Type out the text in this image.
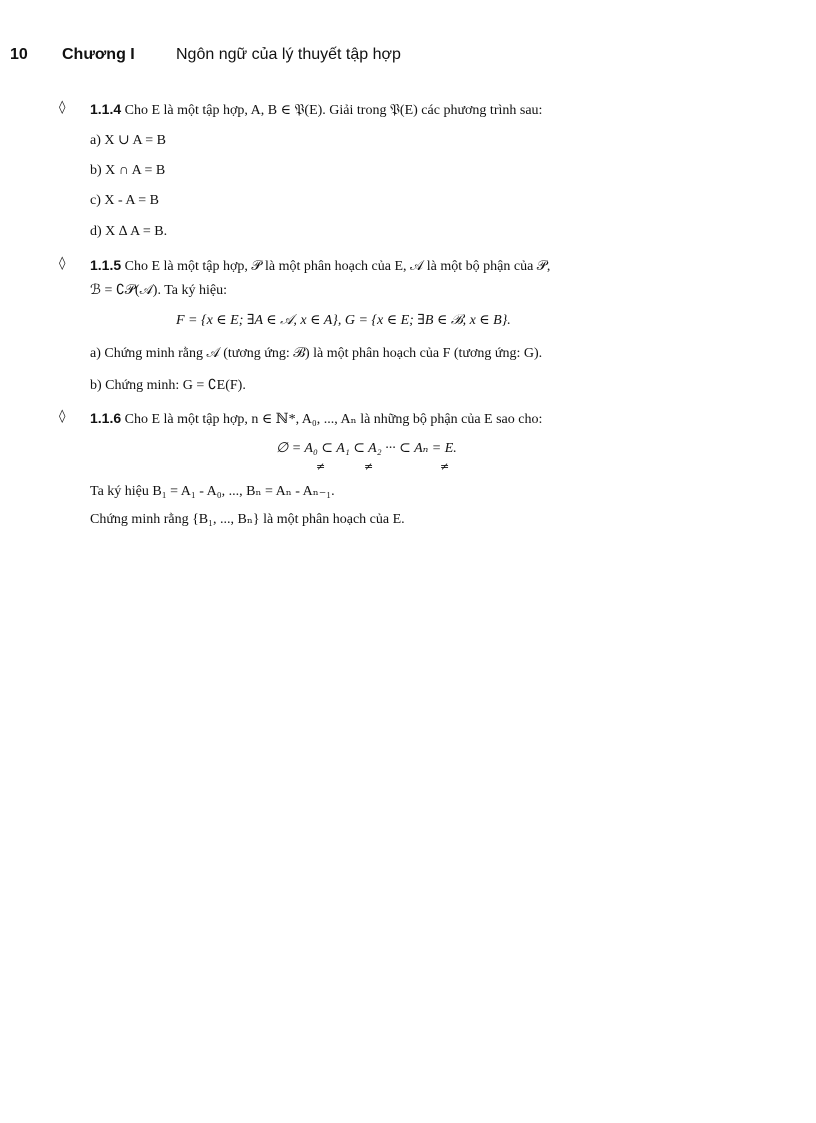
10 Chương I	Ngôn ngữ của lý thuyết tập hợp
◊ 1.1.4 Cho E là một tập hợp, A, B ∈ 𝔓(E). Giải trong 𝔓(E) các phương trình sau:
a) X ∪ A = B
b) X ∩ A = B
c) X - A = B
d) X ∆ A = B.
◊ 1.1.5 Cho E là một tập hợp, 𝒫 là một phân hoạch của E, 𝒜 là một bộ phận của 𝒫,
ℬ = ∁𝒫(𝒜). Ta ký hiệu:
F = {x ∈ E; ∃A ∈ 𝒜, x ∈ A}, G = {x ∈ E; ∃B ∈ ℬ, x ∈ B}.
a) Chứng minh rằng 𝒜 (tương ứng: ℬ) là một phân hoạch của F (tương ứng: G).
b) Chứng minh: G = ∁E(F).
◊ 1.1.6 Cho E là một tập hợp, n ∈ ℕ*, A₀, ..., Aₙ là những bộ phận của E sao cho:
∅ = A₀ ⊂ A₁ ⊂ A₂ ··· ⊂ Aₙ = E.
≠	≠	≠
Ta ký hiệu B₁ = A₁ - A₀, ..., Bₙ = Aₙ - Aₙ₋₁.
Chứng minh rằng {B₁, ..., Bₙ} là một phân hoạch của E.
